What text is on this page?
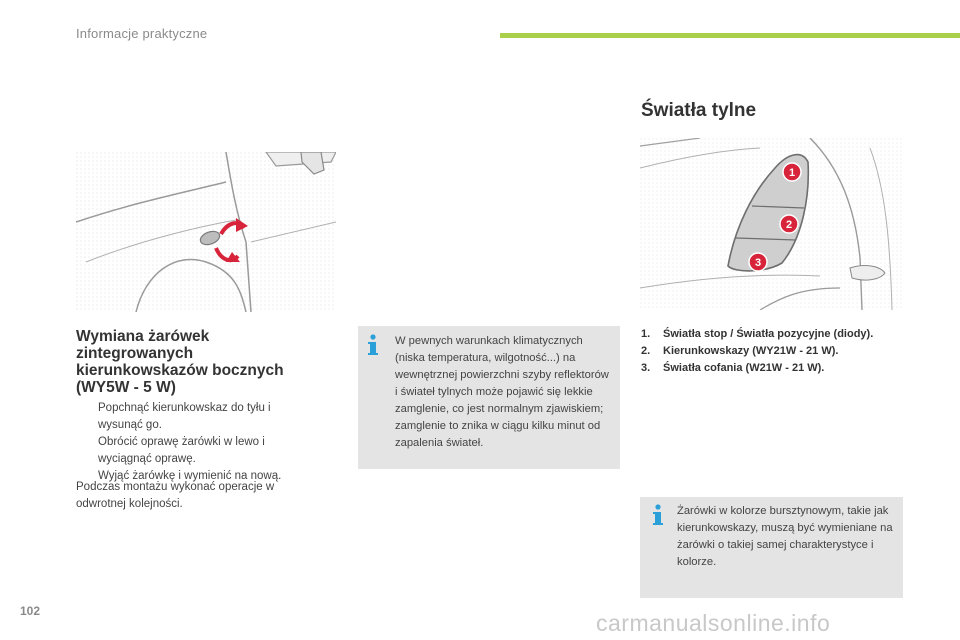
Informacje praktyczne
Wymiana żarówek
zintegrowanych
kierunkowskazów bocznych
(WY5W - 5 W)
Popchnąć kierunkowskaz do tyłu i wysunąć go.
Obrócić oprawę żarówki w lewo i wyciągnąć oprawę.
Wyjąć żarówkę i wymienić na nową.
Podczas montażu wykonać operacje w odwrotnej kolejności.
W pewnych warunkach klimatycznych (niska temperatura, wilgotność...) na wewnętrznej powierzchni szyby reflektorów i świateł tylnych może pojawić się lekkie zamglenie, co jest normalnym zjawiskiem; zamglenie to znika w ciągu kilku minut od zapalenia świateł.
Światła tylne
1
2
3
1. Światła stop / Światła pozycyjne (diody).
2. Kierunkowskazy (WY21W - 21 W).
3. Światła cofania (W21W - 21 W).
Żarówki w kolorze bursztynowym, takie jak kierunkowskazy, muszą być wymieniane na żarówki o takiej samej charakterystyce i kolorze.
102	carmanualsonline.info
